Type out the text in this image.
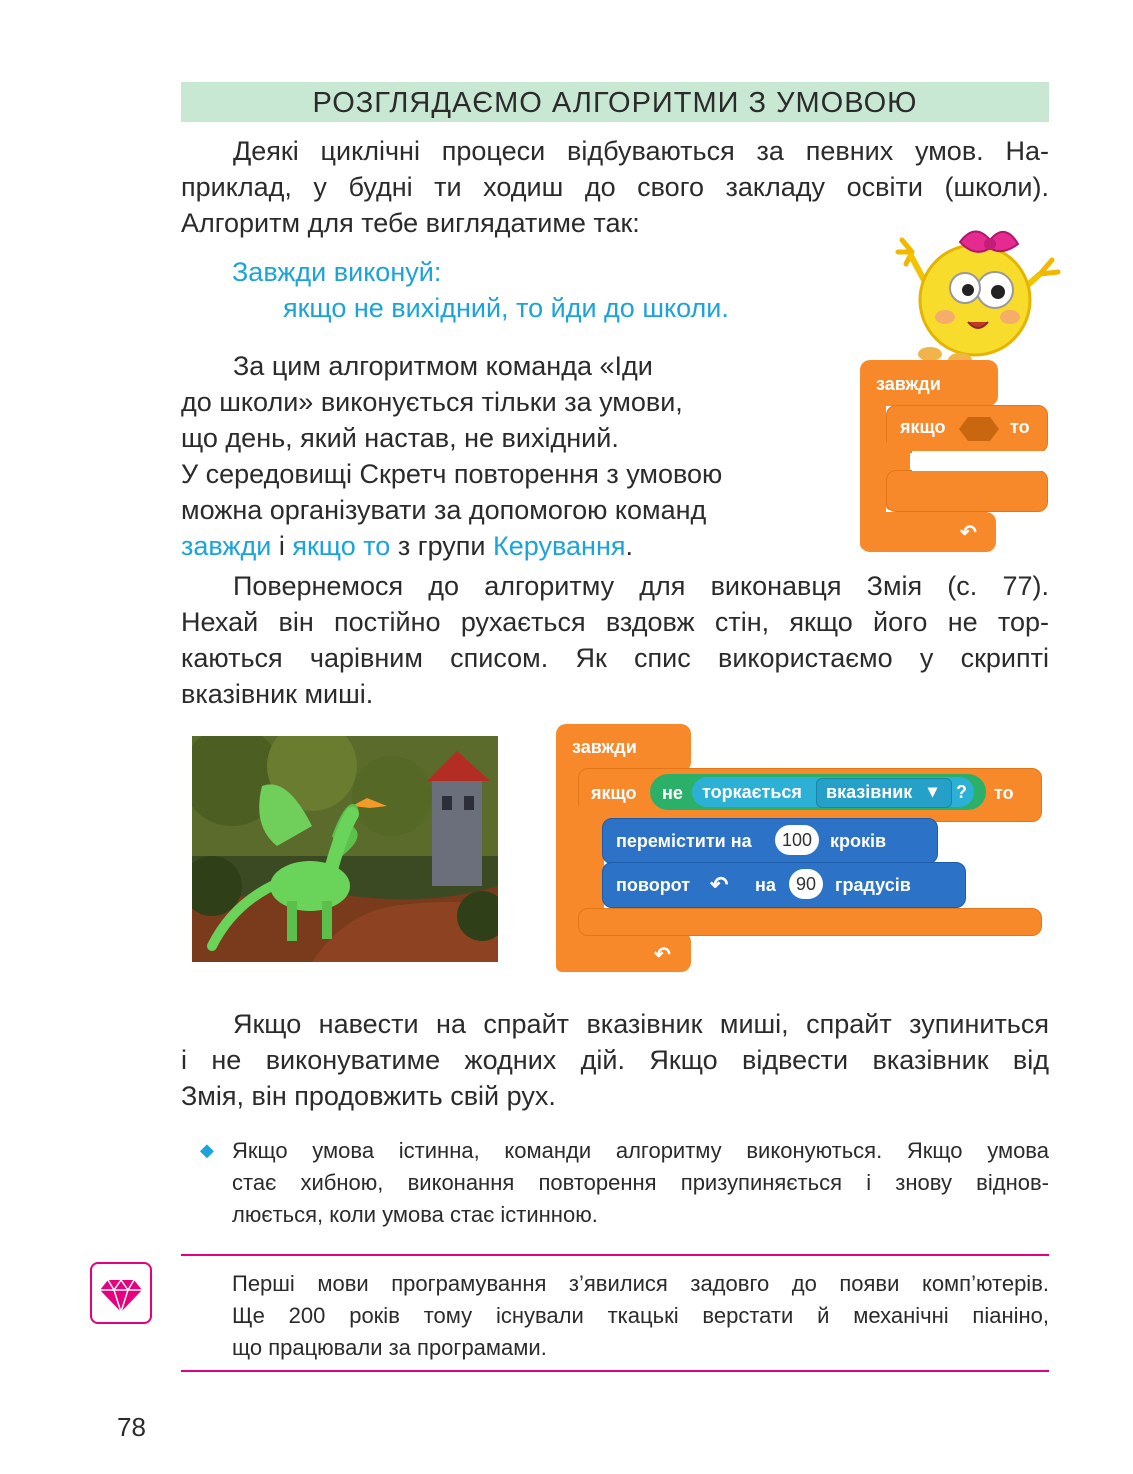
РОЗГЛЯДАЄМО АЛГОРИТМИ З УМОВОЮ
Деякі циклічні процеси відбуваються за певних умов. На-
приклад, у будні ти ходиш до свого закладу освіти (школи).
Алгоритм для тебе виглядатиме так:
Завжди виконуй:
якщо не вихідний, то йди до школи.
За цим алгоритмом команда «Іди
до школи» виконується тільки за умови,
що день, який настав, не вихідний.
У середовищі Скретч повторення з умовою
можна організувати за допомогою команд
завжди і якщо то з групи Керування.
завжди
якщо	то
↶
Повернемося до алгоритму для виконавця Змія (с. 77).
Нехай він постійно рухається вздовж стін, якщо його не тор-
каються чарівним списом. Як спис використаємо у скрипті
вказівник миші.
завжди
якщо не торкається вказівник ▾ ? то
перемістити на	100 кроків
поворот ↶ на	90	градусів
↶
Якщо навести на спрайт вказівник миші, спрайт зупиниться
і не виконуватиме жодних дій. Якщо відвести вказівник від
Змія, він продовжить свій рух.
◆ Якщо умова істинна, команди алгоритму виконуються. Якщо умова
стає хибною, виконання повторення призупиняється і знову віднов-
люється, коли умова стає істинною.
Перші мови програмування з’явилися задовго до появи комп’ютерів.
Ще 200 років тому існували ткацькі верстати й механічні піаніно,
що працювали за програмами.
78
